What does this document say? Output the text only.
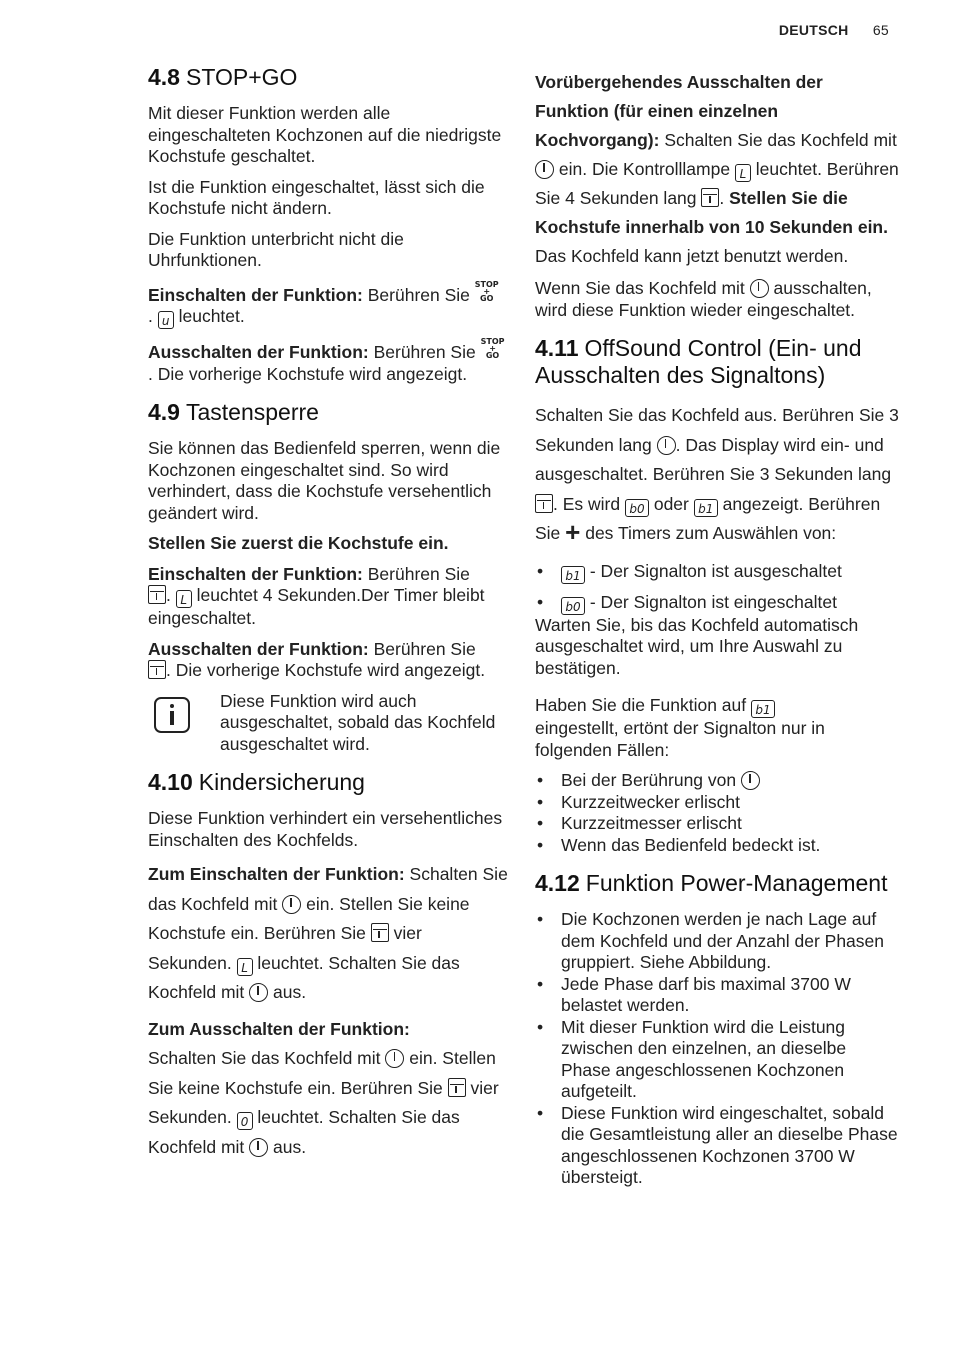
DEUTSCH 65
4.8 STOP+GO

Mit dieser Funktion werden alle eingeschalteten Kochzonen auf die niedrigste Kochstufe geschaltet.

Ist die Funktion eingeschaltet, lässt sich die Kochstufe nicht ändern.

Die Funktion unterbricht nicht die Uhrfunktionen.

Einschalten der Funktion: Berühren Sie STOP
+
GO . u leuchtet.

Ausschalten der Funktion: Berühren Sie STOP
+
GO . Die vorherige Kochstufe wird angezeigt.

4.9 Tastensperre

Sie können das Bedienfeld sperren, wenn die Kochzonen eingeschaltet sind. So wird verhindert, dass die Kochstufe versehentlich geändert wird.

Stellen Sie zuerst die Kochstufe ein.

Einschalten der Funktion: Berühren Sie
. L leuchtet 4 Sekunden.Der Timer bleibt eingeschaltet.

Ausschalten der Funktion: Berühren Sie
. Die vorherige Kochstufe wird angezeigt.

Diese Funktion wird auch ausgeschaltet, sobald das Kochfeld ausgeschaltet wird.
4.10 Kindersicherung

Diese Funktion verhindert ein versehentliches Einschalten des Kochfelds.

Zum Einschalten der Funktion: Schalten Sie das Kochfeld mit  ein. Stellen Sie keine Kochstufe ein. Berühren Sie  vier Sekunden. L leuchtet. Schalten Sie das Kochfeld mit  aus.

Zum Ausschalten der Funktion:

Schalten Sie das Kochfeld mit  ein. Stellen Sie keine Kochstufe ein. Berühren Sie  vier Sekunden. 0 leuchtet. Schalten Sie das Kochfeld mit  aus.

Vorübergehendes Ausschalten der Funktion (für einen einzelnen Kochvorgang): Schalten Sie das Kochfeld mit  ein. Die Kontrolllampe L leuchtet. Berühren Sie 4 Sekunden lang . Stellen Sie die Kochstufe innerhalb von 10 Sekunden ein. Das Kochfeld kann jetzt benutzt werden.

Wenn Sie das Kochfeld mit  ausschalten, wird diese Funktion wieder eingeschaltet.

4.11 OffSound Control (Ein- und Ausschalten des Signaltons)

Schalten Sie das Kochfeld aus. Berühren Sie 3 Sekunden lang . Das Display wird ein- und ausgeschaltet. Berühren Sie 3 Sekunden lang . Es wird b0 oder b1 angezeigt. Berühren Sie + des Timers zum Auswählen von:

• b1 - Der Signalton ist ausgeschaltet
• b0 - Der Signalton ist eingeschaltet

Warten Sie, bis das Kochfeld automatisch ausgeschaltet wird, um Ihre Auswahl zu bestätigen.

Haben Sie die Funktion auf b1
eingestellt, ertönt der Signalton nur in folgenden Fällen:

• Bei der Berührung von
• Kurzzeitwecker erlischt
• Kurzzeitmesser erlischt
• Wenn das Bedienfeld bedeckt ist.
4.12 Funktion Power-Management
• Die Kochzonen werden je nach Lage auf dem Kochfeld und der Anzahl der Phasen gruppiert. Siehe Abbildung.
• Jede Phase darf bis maximal 3700 W belastet werden.
• Mit dieser Funktion wird die Leistung zwischen den einzelnen, an dieselbe Phase angeschlossenen Kochzonen aufgeteilt.
• Diese Funktion wird eingeschaltet, sobald die Gesamtleistung aller an dieselbe Phase angeschlossenen Kochzonen 3700 W übersteigt.
